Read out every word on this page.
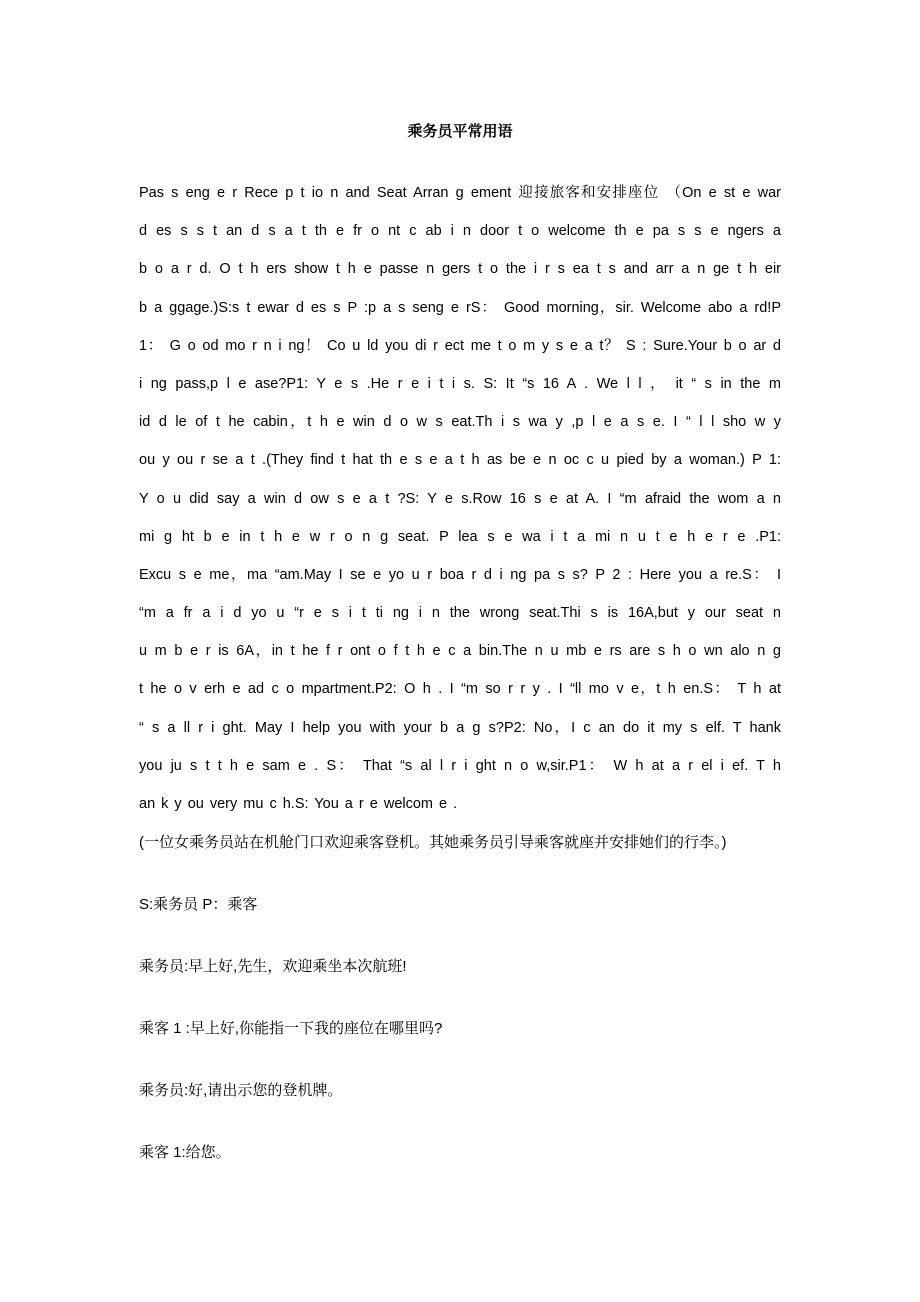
乘务员平常用语
Pas s eng e r Rece p t io n and Seat Arran g ement 迎接旅客和安排座位 （On e st e war
d es s s t an d s a t th e fr o nt c ab i n door t o welcome th e pa s s e ngers a
b o a r d. O t h ers show t h e passe n gers t o the i r s ea t s and arr a n ge t h eir
b a ggage.)S:s t ewar d es s P :p a s seng e rS： Good morning，sir. Welcome abo a rd!P
1： G o od mo r n i ng！ Co u ld you di r ect me t o m y s e a t？ S : Sure.Your b o ar d
i ng pass,p l e ase?P1: Y e s .He r e i t i s. S: It “s 16 A . We l l ， it “ s in the m
id d le of t he cabin，t h e win d o w s eat.Th i s wa y ,p l e a s e. I “ l l sho w y
ou y ou r se a t .(They find t hat th e s e a t h as be e n oc c u pied by a woman.) P 1:
Y o u did say a win d ow s e a t ?S: Y e s.Row 16 s e at A. I “m afraid the wom a n
mi g ht b e in t h e w r o n g seat. P lea s e wa i t a mi n u t e h e r e .P1:
Excu s e me，ma “am.May I se e yo u r boa r d i ng pa s s? P 2 : Here you a re.S： I
“m a fr a i d yo u “r e s i t ti ng i n the wrong seat.Thi s is 16A,but y our seat n
u m b e r is 6A，in t he f r ont o f t h e c a bin.The n u mb e rs are s h o wn alo n g
t he o v erh e ad c o mpartment.P2: O h . I “m so r r y . I “ll mo v e，t h en.S： T h at
“ s a ll r i ght. May I help you with your b a g s?P2: No，I c an do it my s elf. T hank
you ju s t t h e sam e . S： That “s al l r i ght n o w,sir.P1： W h at a r el i ef. T h
an k y ou very mu c h.S: You a r e welcom e .
(一位女乘务员站在机舱门口欢迎乘客登机。其她乘务员引导乘客就座并安排她们的行李。)
S:乘务员 P：乘客
乘务员:早上好,先生，欢迎乘坐本次航班!
乘客 1 :早上好,你能指一下我的座位在哪里吗?
乘务员:好,请出示您的登机牌。
乘客 1:给您。
